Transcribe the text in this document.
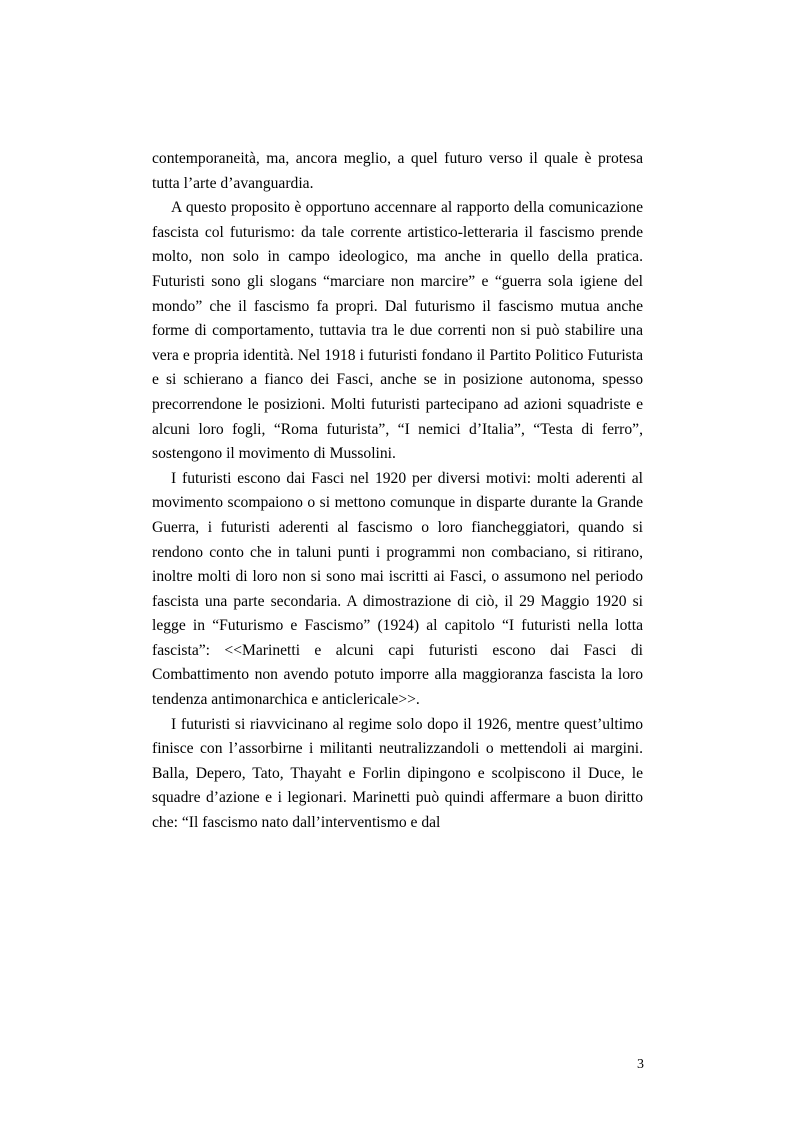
contemporaneità, ma, ancora meglio, a quel futuro verso il quale è protesa tutta l’arte d’avanguardia.

A questo proposito è opportuno accennare al rapporto della comunicazione fascista col futurismo: da tale corrente artistico-letteraria il fascismo prende molto, non solo in campo ideologico, ma anche in quello della pratica. Futuristi sono gli slogans “marciare non marcire” e “guerra sola igiene del mondo” che il fascismo fa propri. Dal futurismo il fascismo mutua anche forme di comportamento, tuttavia tra le due correnti non si può stabilire una vera e propria identità. Nel 1918 i futuristi fondano il Partito Politico Futurista e si schierano a fianco dei Fasci, anche se in posizione autonoma, spesso precorrendone le posizioni. Molti futuristi partecipano ad azioni squadriste e alcuni loro fogli, “Roma futurista”, “I nemici d’Italia”, “Testa di ferro”, sostengono il movimento di Mussolini.

I futuristi escono dai Fasci nel 1920 per diversi motivi: molti aderenti al movimento scompaiono o si mettono comunque in disparte durante la Grande Guerra, i futuristi aderenti al fascismo o loro fiancheggiatori, quando si rendono conto che in taluni punti i programmi non combaciano, si ritirano, inoltre molti di loro non si sono mai iscritti ai Fasci, o assumono nel periodo fascista una parte secondaria. A dimostrazione di ciò, il 29 Maggio 1920 si legge in “Futurismo e Fascismo” (1924) al capitolo “I futuristi nella lotta fascista”: <<Marinetti e alcuni capi futuristi escono dai Fasci di Combattimento non avendo potuto imporre alla maggioranza fascista la loro tendenza antimonarchica e anticlericale>>.

I futuristi si riavvicinano al regime solo dopo il 1926, mentre quest’ultimo finisce con l’assorbirne i militanti neutralizzandoli o mettendoli ai margini. Balla, Depero, Tato, Thayaht e Forlin dipingono e scolpiscono il Duce, le squadre d’azione e i legionari. Marinetti può quindi affermare a buon diritto che: “Il fascismo nato dall’interventismo e dal

3
